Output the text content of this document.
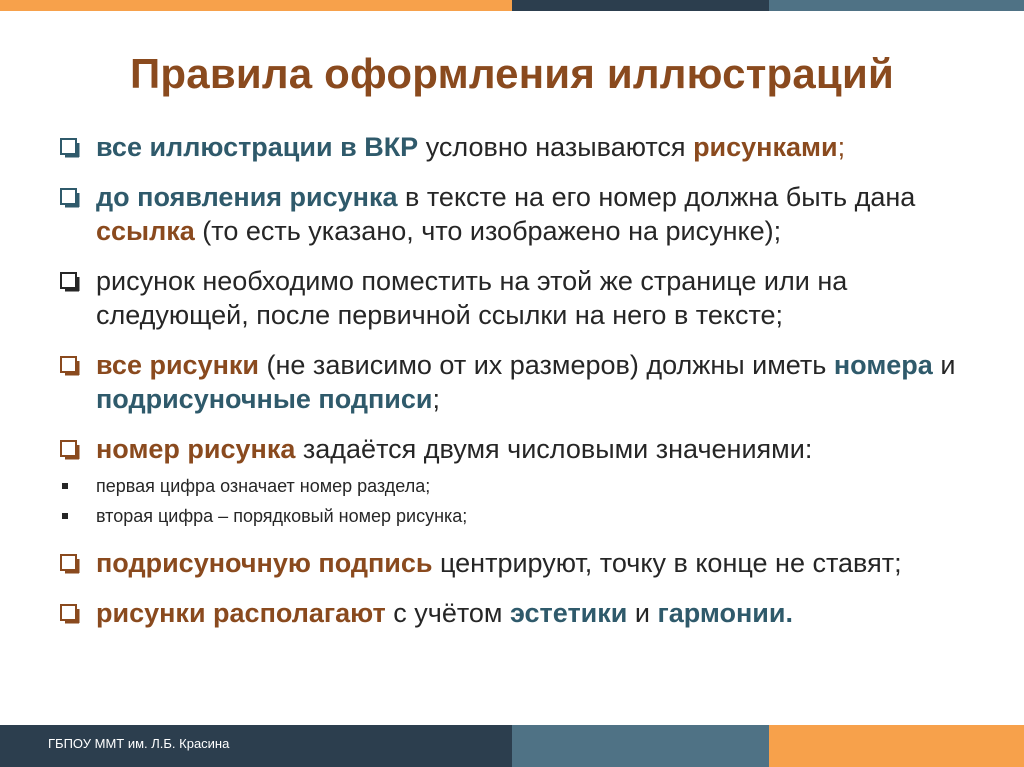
Правила оформления иллюстраций
все иллюстрации в ВКР условно называются рисунками;
до появления рисунка в тексте на его номер должна быть дана ссылка (то есть указано, что изображено на рисунке);
рисунок необходимо поместить на этой же странице или на следующей, после первичной ссылки на него в тексте;
все рисунки (не зависимо от их размеров) должны иметь номера и подрисуночные подписи;
номер рисунка задаётся двумя числовыми значениями:
первая цифра означает номер раздела;
вторая цифра – порядковый номер рисунка;
подрисуночную подпись центрируют, точку в конце не ставят;
рисунки располагают с учётом эстетики и гармонии.
ГБПОУ ММТ им. Л.Б. Красина
